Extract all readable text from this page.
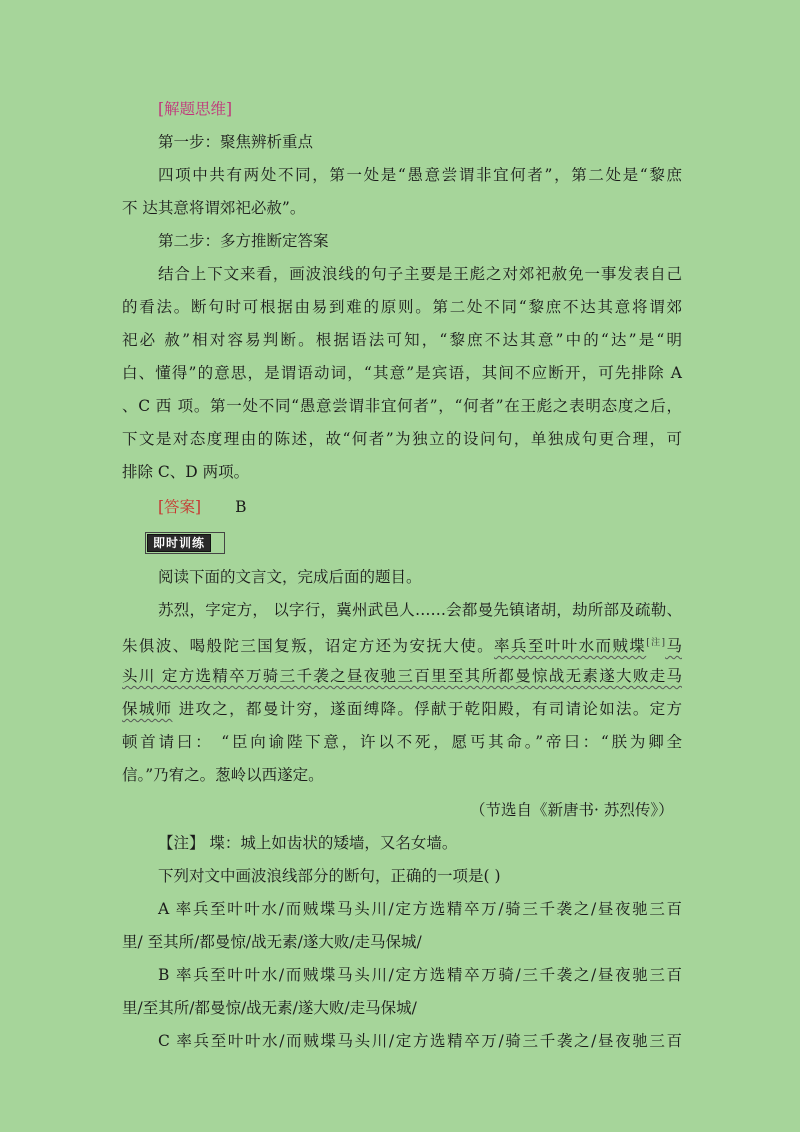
[解题思维]
第一步：聚焦辨析重点
四项中共有两处不同，第一处是“愚意尝谓非宜何者”，第二处是“黎庶
不 达其意将谓郊祀必赦”。
第二步：多方推断定答案
结合上下文来看，画波浪线的句子主要是王彪之对郊祀赦免一事发表自己
的看法。断句时可根据由易到难的原则。第二处不同“黎庶不达其意将谓郊
祀必 赦”相对容易判断。根据语法可知，“黎庶不达其意”中的“达”是“明
白、懂得”的意思，是谓语动词，“其意”是宾语，其间不应断开，可先排除 A
、C 西 项。第一处不同“愚意尝谓非宜何者”，“何者”在王彪之表明态度之后，
下文是对态度理由的陈述，故“何者”为独立的设问句，单独成句更合理，可
排除 C、D 两项。
[答案] B
即时训练
阅读下面的文言文，完成后面的题目。
苏烈，字定方， 以字行，冀州武邑人……会都曼先镇诸胡，劫所部及疏勒、
朱俱波、喝般陀三国复叛，诏定方还为安抚大使。率兵至叶叶水而贼堞[注]马
头川 定方选精卒万骑三千袭之昼夜驰三百里至其所都曼惊战无素遂大败走马
保城师 进攻之，都曼计穷，遂面缚降。俘献于乾阳殿，有司请论如法。定方
顿首请曰： “臣向谕陛下意，许以不死，愿丐其命。”帝曰：“朕为卿全
信。”乃宥之。葱岭以西遂定。
（节选自《新唐书· 苏烈传》）
【注】 堞：城上如齿状的矮墙，又名女墙。
下列对文中画波浪线部分的断句，正确的一项是( )
A 率兵至叶叶水/而贼堞马头川/定方选精卒万/骑三千袭之/昼夜驰三百
里/ 至其所/都曼惊/战无素/遂大败/走马保城/
B 率兵至叶叶水/而贼堞马头川/定方选精卒万骑/三千袭之/昼夜驰三百
里/至其所/都曼惊/战无素/遂大败/走马保城/
C 率兵至叶叶水/而贼堞马头川/定方选精卒万/骑三千袭之/昼夜驰三百
